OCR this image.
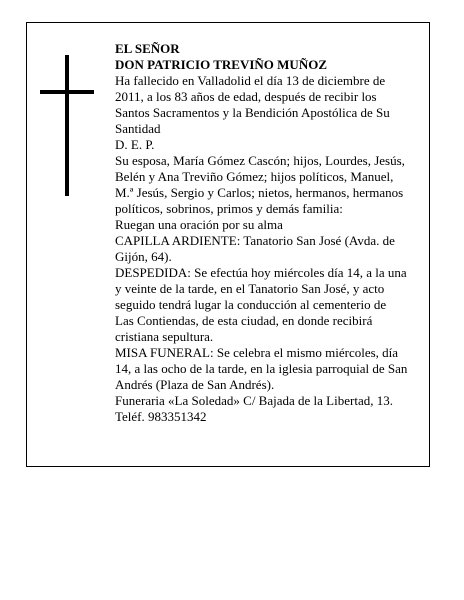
EL SEÑOR
DON PATRICIO TREVIÑO MUÑOZ
Ha fallecido en Valladolid el día 13 de diciembre de
2011, a los 83 años de edad, después de recibir los
Santos Sacramentos y la Bendición Apostólica de Su
Santidad
D. E. P.
Su esposa, María Gómez Cascón; hijos, Lourdes, Jesús,
Belén y Ana Treviño Gómez; hijos políticos, Manuel,
M.ª Jesús, Sergio y Carlos; nietos, hermanos, hermanos
políticos, sobrinos, primos y demás familia:
Ruegan una oración por su alma
CAPILLA ARDIENTE: Tanatorio San José (Avda. de
Gijón, 64).
DESPEDIDA: Se efectúa hoy miércoles día 14, a la una
y veinte de la tarde, en el Tanatorio San José, y acto
seguido tendrá lugar la conducción al cementerio de
Las Contiendas, de esta ciudad, en donde recibirá
cristiana sepultura.
MISA FUNERAL: Se celebra el mismo miércoles, día
14, a las ocho de la tarde, en la iglesia parroquial de San
Andrés (Plaza de San Andrés).
Funeraria «La Soledad» C/ Bajada de la Libertad, 13.
Teléf. 983351342
